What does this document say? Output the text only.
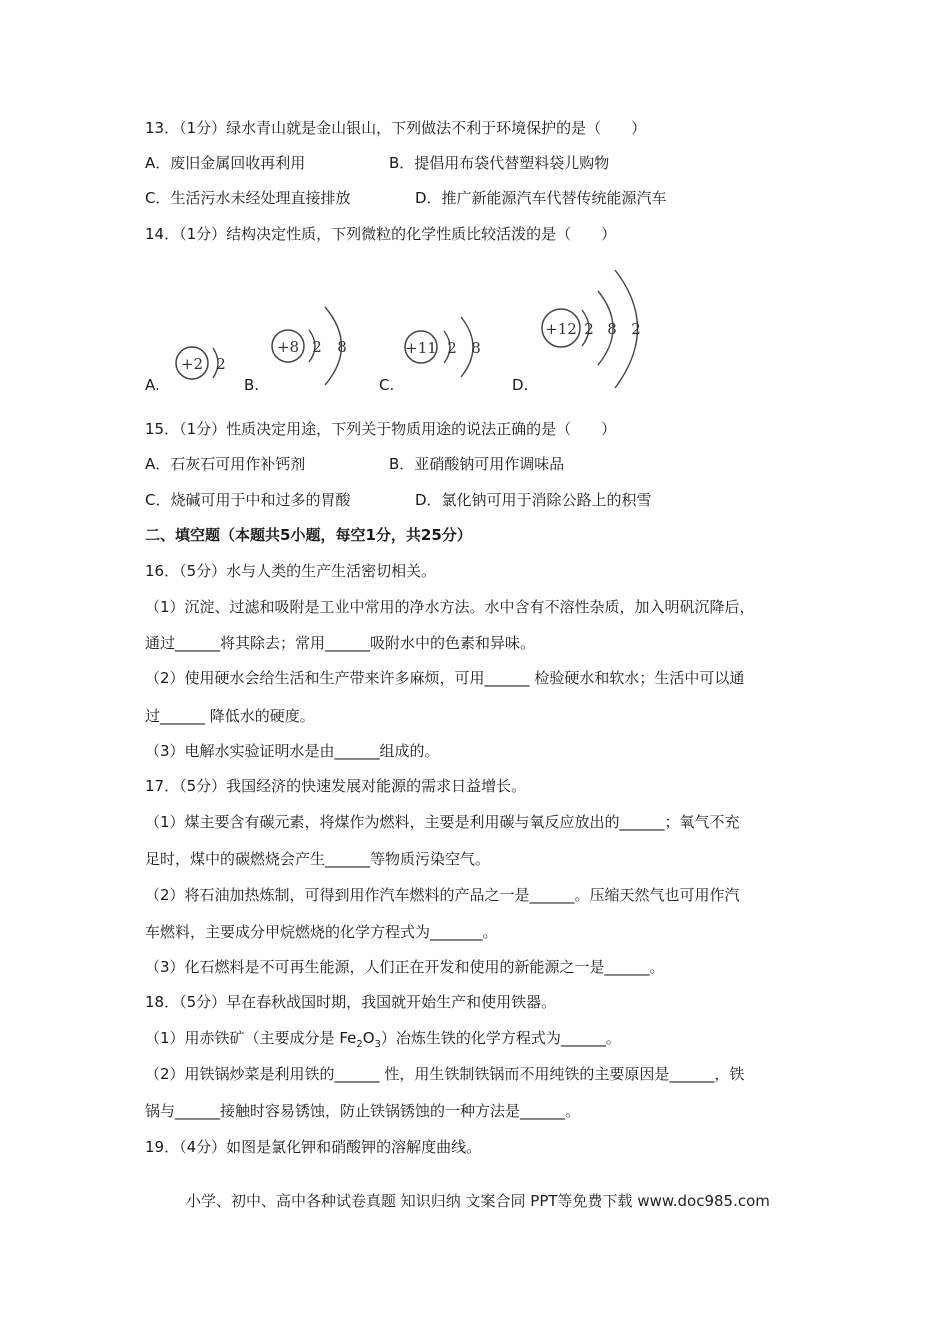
13．（1分）绿水青山就是金山银山，下列做法不利于环境保护的是（　　）
A．废旧金属回收再利用	B．提倡用布袋代替塑料袋儿购物
C．生活污水未经处理直接排放	D．推广新能源汽车代替传统能源汽车
14．（1分）结构决定性质，下列微粒的化学性质比较活泼的是（　　）
+2 2
A.
+8 2 8
B.
+11 2 8
C.
+12 2 8 2
D.
15．（1分）性质决定用途，下列关于物质用途的说法正确的是（　　）
A．石灰石可用作补钙剂	B．亚硝酸钠可用作调味品
C．烧碱可用于中和过多的胃酸	D．氯化钠可用于消除公路上的积雪
二、填空题（本题共5小题，每空1分，共25分）
16．（5分）水与人类的生产生活密切相关。
（1）沉淀、过滤和吸附是工业中常用的净水方法。水中含有不溶性杂质，加入明矾沉降后，
通过______将其除去；常用______吸附水中的色素和异味。
（2）使用硬水会给生活和生产带来许多麻烦，可用______ 检验硬水和软水；生活中可以通
过______ 降低水的硬度。
（3）电解水实验证明水是由______组成的。
17．（5分）我国经济的快速发展对能源的需求日益增长。
（1）煤主要含有碳元素，将煤作为燃料，主要是利用碳与氧反应放出的______；氧气不充
足时，煤中的碳燃烧会产生______等物质污染空气。
（2）将石油加热炼制，可得到用作汽车燃料的产品之一是______。压缩天然气也可用作汽
车燃料，主要成分甲烷燃烧的化学方程式为_______。
（3）化石燃料是不可再生能源，人们正在开发和使用的新能源之一是______。
18．（5分）早在春秋战国时期，我国就开始生产和使用铁器。
（1）用赤铁矿（主要成分是 $Fe_2O_3$）冶炼生铁的化学方程式为______。
（2）用铁锅炒菜是利用铁的______ 性，用生铁制铁锅而不用纯铁的主要原因是______，铁
锅与______接触时容易锈蚀，防止铁锅锈蚀的一种方法是______。
19．（4分）如图是氯化钾和硝酸钾的溶解度曲线。
小学、初中、高中各种试卷真题 知识归纳 文案合同 PPT等免费下载 www.doc985.com
